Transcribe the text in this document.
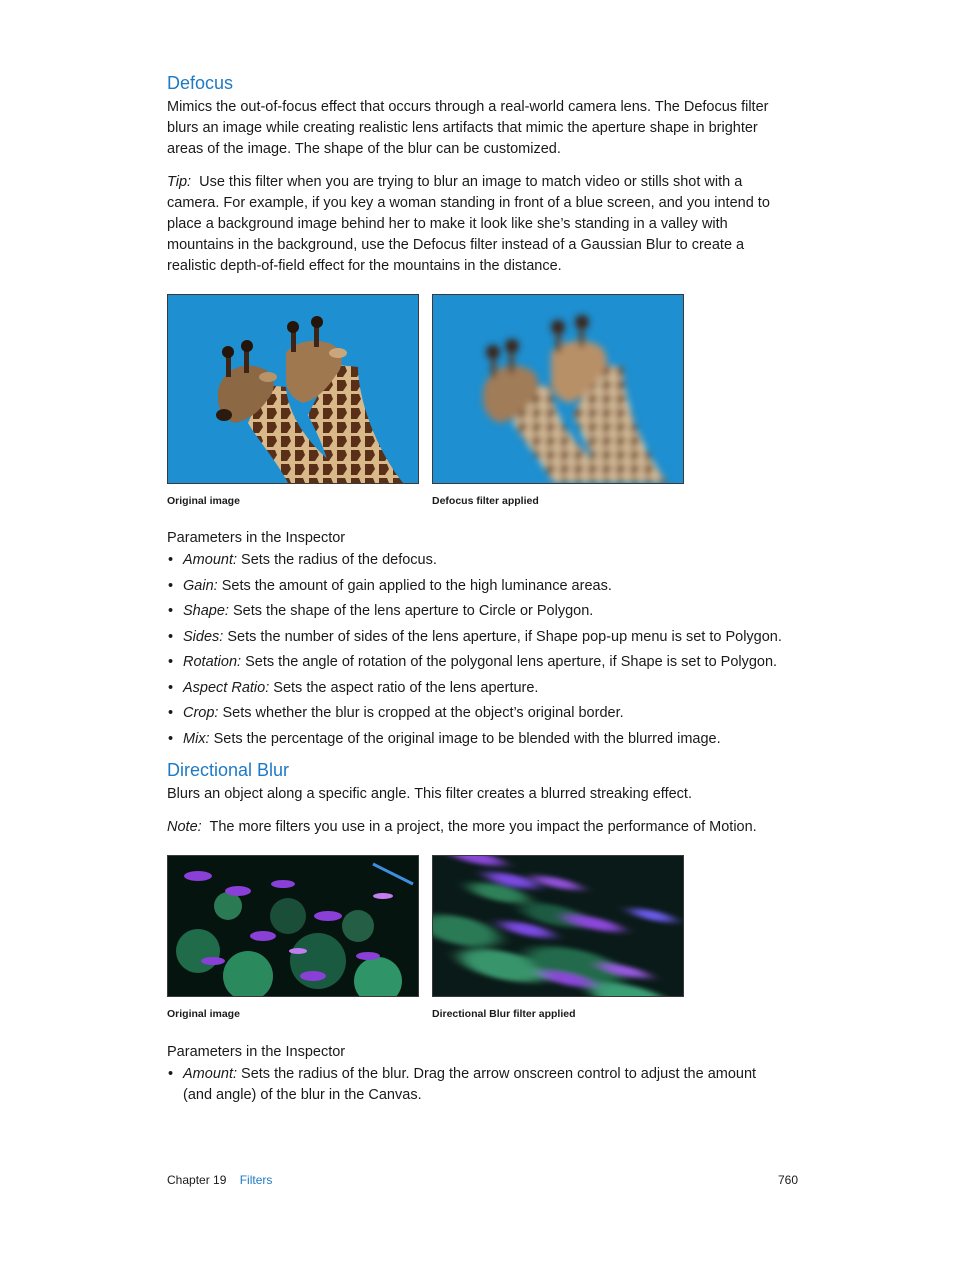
Defocus

Mimics the out-of-focus effect that occurs through a real-world camera lens. The Defocus filter blurs an image while creating realistic lens artifacts that mimic the aperture shape in brighter areas of the image. The shape of the blur can be customized.

Tip: Use this filter when you are trying to blur an image to match video or stills shot with a camera. For example, if you key a woman standing in front of a blue screen, and you intend to place a background image behind her to make it look like she’s standing in a valley with mountains in the background, use the Defocus filter instead of a Gaussian Blur to create a realistic depth-of-field effect for the mountains in the distance.

Original image	Defocus filter applied
Parameters in the Inspector
• Amount: Sets the radius of the defocus.
• Gain: Sets the amount of gain applied to the high luminance areas.
• Shape: Sets the shape of the lens aperture to Circle or Polygon.
• Sides: Sets the number of sides of the lens aperture, if Shape pop-up menu is set to Polygon.
• Rotation: Sets the angle of rotation of the polygonal lens aperture, if Shape is set to Polygon.
• Aspect Ratio: Sets the aspect ratio of the lens aperture.
• Crop: Sets whether the blur is cropped at the object’s original border.
• Mix: Sets the percentage of the original image to be blended with the blurred image.
Directional Blur

Blurs an object along a specific angle. This filter creates a blurred streaking effect.

Note: The more filters you use in a project, the more you impact the performance of Motion.

Original image	Directional Blur filter applied
Parameters in the Inspector
• Amount: Sets the radius of the blur. Drag the arrow onscreen control to adjust the amount (and angle) of the blur in the Canvas.
Chapter 19 Filters	760
